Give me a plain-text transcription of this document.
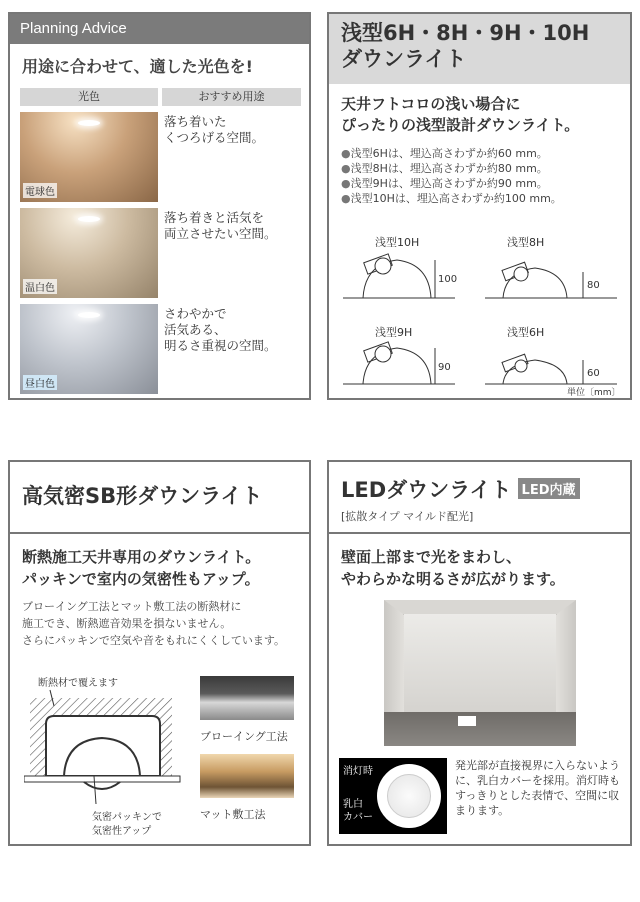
Planning Advice
用途に合わせて、適した光色を!
光色	おすすめ用途
電球色
落ち着いた
くつろげる空間。
温白色
落ち着きと活気を
両立させたい空間。
昼白色
さわやかで
活気ある、
明るさ重視の空間。
浅型6H・8H・9H・10H
ダウンライト
天井フトコロの浅い場合に
ぴったりの浅型設計ダウンライト。
●浅型6Hは、埋込高さわずか約60 mm。
●浅型8Hは、埋込高さわずか約80 mm。
●浅型9Hは、埋込高さわずか約90 mm。
●浅型10Hは、埋込高さわずか約100 mm。
浅型10H	浅型8H
浅型9H	浅型6H
100
80
90
60
単位〔mm〕
高気密SB形ダウンライト
断熱施工天井専用のダウンライト。
パッキンで室内の気密性もアップ。
ブローイング工法とマット敷工法の断熱材に
施工でき、断熱遮音効果を損ないません。
さらにパッキンで空気や音をもれにくくしています。
断熱材で覆えます
気密パッキンで
気密性アップ
ブローイング工法
マット敷工法
LEDダウンライト LED内蔵
[拡散タイプ マイルド配光]
壁面上部まで光をまわし、
やわらかな明るさが広がります。
消灯時
乳白
カバー
発光部が直接視界に入らないように、乳白カバーを採用。消灯時もすっきりとした表情で、空間に収まります。
